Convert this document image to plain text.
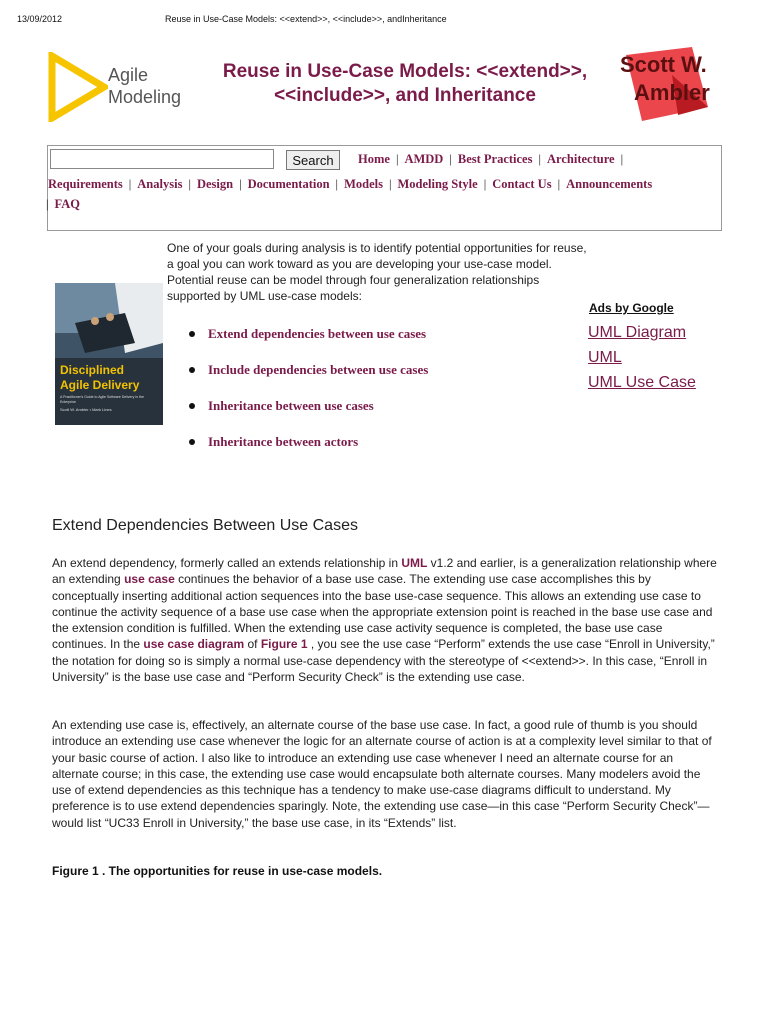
13/09/2012	Reuse in Use-Case Models: <<extend>>, <<include>>, andInheritance
Agile
Modeling
Reuse in Use-Case Models: <<extend>>,
<<include>>, and Inheritance
Scott W.
Ambler
Search	Home | AMDD | Best Practices | Architecture |
Requirements | Analysis | Design | Documentation | Models | Modeling Style | Contact Us | Announcements
| FAQ
Disciplined
Agile Delivery
A Practitioner's Guide to Agile Software Delivery in the Enterprise
Scott W. Ambler • Mark Lines
One of your goals during analysis is to identify potential opportunities for reuse, a goal you can work toward as you are developing your use-case model. Potential reuse can be model through four generalization relationships supported by UML use-case models:
Extend dependencies between use cases
Include dependencies between use cases
Inheritance between use cases
Inheritance between actors
Ads by Google
UML Diagram
UML
UML Use Case
Extend Dependencies Between Use Cases

An extend dependency, formerly called an extends relationship in UML v1.2 and earlier, is a generalization relationship where an extending use case continues the behavior of a base use case. The extending use case accomplishes this by conceptually inserting additional action sequences into the base use-case sequence. This allows an extending use case to continue the activity sequence of a base use case when the appropriate extension point is reached in the base use case and the extension condition is fulfilled. When the extending use case activity sequence is completed, the base use case continues. In the use case diagram of Figure 1 , you see the use case “Perform” extends the use case “Enroll in University,” the notation for doing so is simply a normal use-case dependency with the stereotype of <<extend>>. In this case, “Enroll in University” is the base use case and “Perform Security Check” is the extending use case.

An extending use case is, effectively, an alternate course of the base use case. In fact, a good rule of thumb is you should introduce an extending use case whenever the logic for an alternate course of action is at a complexity level similar to that of your basic course of action. I also like to introduce an extending use case whenever I need an alternate course for an alternate course; in this case, the extending use case would encapsulate both alternate courses. Many modelers avoid the use of extend dependencies as this technique has a tendency to make use-case diagrams difficult to understand. My preference is to use extend dependencies sparingly. Note, the extending use case—in this case “Perform Security Check”—would list “UC33 Enroll in University,” the base use case, in its “Extends” list.

Figure 1 . The opportunities for reuse in use-case models.
